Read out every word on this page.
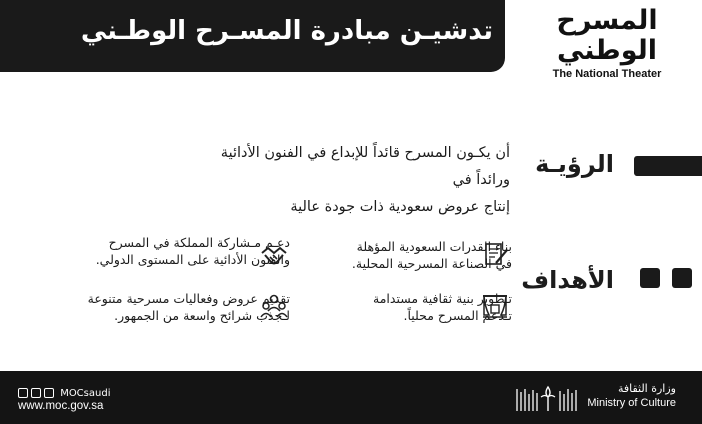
تدشيـن مبادرة المسـرح الوطـني	المسرح
الوطني
The National Theater
الرؤيـة
أن يكـون المسرح قائداً للإبداع في الفنون الأدائية ورائداً في
إنتاج عروض سعودية ذات جودة عالية
الأهداف
بناء القدرات السعودية المؤهلة
في الصناعة المسرحية المحلية.
دعـم مـشاركة المملكة في المسرح
والفنون الأدائية على المستوى الدولي.
تـطوير بنية ثقافية مستدامة
تـدعم المسرح محلياً.
تقديم عروض وفعاليات مسرحية متنوعة
لـجذب شرائح واسعة من الجمهور.
MOCsaudi
www.moc.gov.sa
وزارة الثقافة
Ministry of Culture
